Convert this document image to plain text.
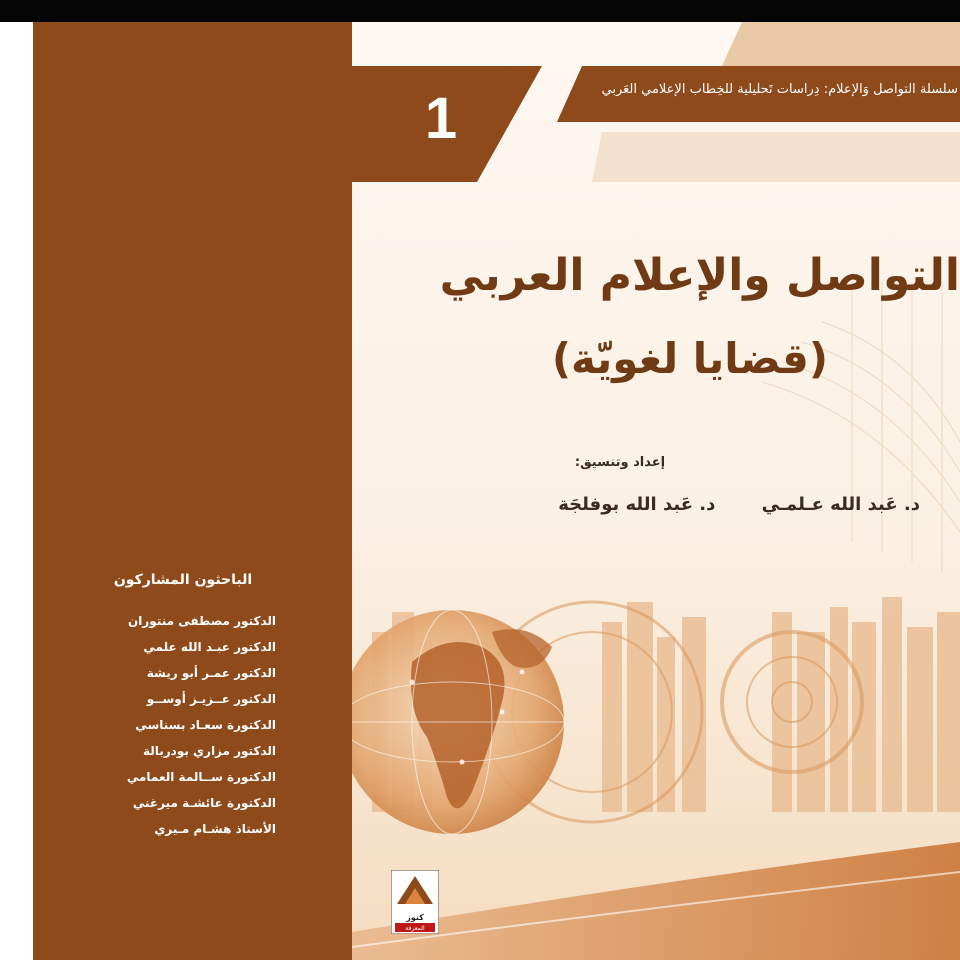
سلسلة التواصل وَالإعلام: دِراسات تَحليلية للخِطاب الإعلامي العَربي
1
التواصل والإعلام العربي
(قضايا لغويّة)
إعداد وتنسيق:
د. عَبد الله عـلمـي د. عَبد الله بوفلجَة
الباحثون المشاركون
الدكتور مصطفى منتوران
الدكتور عبـد الله علمي
الدكتور عمـر أبو ريشة
الدكتور عــزيـز أوســو
الدكتورة سعـاد بسناسي
الدكتور مزاري بودربالة
الدكتورة ســالمة العمامي
الدكتورة عائشـة ميرغني
الأستاذ هشـام مـيري
كنوز
المعرفة
